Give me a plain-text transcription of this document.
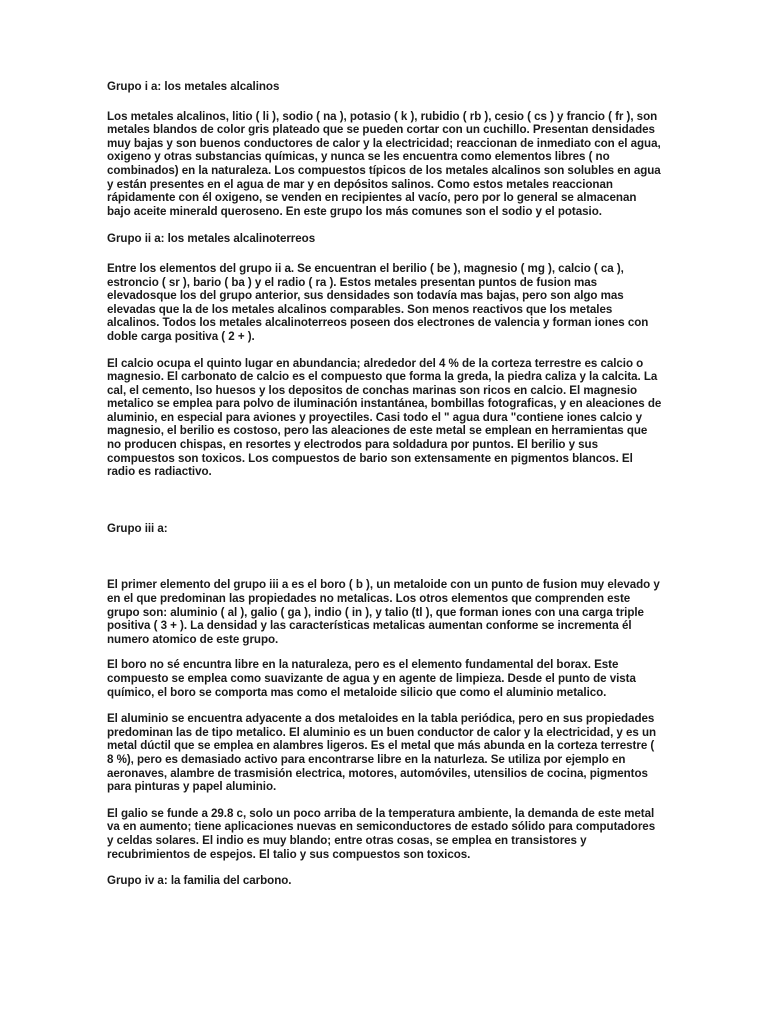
Grupo i a: los metales alcalinos

Los metales alcalinos, litio ( li ), sodio ( na ), potasio ( k ), rubidio ( rb ), cesio ( cs ) y francio ( fr ), son metales blandos de color gris plateado que se pueden cortar con un cuchillo. Presentan densidades muy bajas y son buenos conductores de calor y la electricidad; reaccionan de inmediato con el agua, oxigeno y otras substancias químicas, y nunca se les encuentra como elementos libres ( no combinados) en la naturaleza. Los compuestos típicos de los metales alcalinos son solubles en agua y están presentes en el agua de mar y en depósitos salinos. Como estos metales reaccionan rápidamente con él oxigeno, se venden en recipientes al vacío, pero por lo general se almacenan bajo aceite minerald queroseno. En este grupo los más comunes son el sodio y el potasio.

Grupo ii a: los metales alcalinoterreos

Entre los elementos del grupo ii a. Se encuentran el berilio ( be ), magnesio ( mg ), calcio ( ca ), estroncio ( sr ), bario ( ba ) y el radio ( ra ). Estos metales presentan puntos de fusion mas elevadosque los del grupo anterior, sus densidades son todavía mas bajas, pero son algo mas elevadas que la de los metales alcalinos comparables. Son menos reactivos que los metales alcalinos. Todos los metales alcalinoterreos poseen dos electrones de valencia y forman iones con doble carga positiva ( 2 + ).

El calcio ocupa el quinto lugar en abundancia; alrededor del 4 % de la corteza terrestre es calcio o magnesio. El carbonato de calcio es el compuesto que forma la greda, la piedra caliza y la calcita. La cal, el cemento, lso huesos y los depositos de conchas marinas son ricos en calcio. El magnesio metalico se emplea para polvo de iluminación instantánea, bombillas fotograficas, y en aleaciones de aluminio, en especial para aviones y proyectiles. Casi todo el " agua dura "contiene iones calcio y magnesio, el berilio es costoso, pero las aleaciones de este metal se emplean en herramientas que no producen chispas, en resortes y electrodos para soldadura por puntos. El berilio y sus compuestos son toxicos. Los compuestos de bario son extensamente en pigmentos blancos. El radio es radiactivo.

Grupo iii a:

El primer elemento del grupo iii a es el boro ( b ), un metaloide con un punto de fusion muy elevado y en el que predominan las propiedades no metalicas. Los otros elementos que comprenden este grupo son: aluminio ( al ), galio ( ga ), indio ( in ), y talio (tl ), que forman iones con una carga triple positiva ( 3 + ). La densidad y las características metalicas aumentan conforme se incrementa él numero atomico de este grupo.

El boro no sé encuntra libre en la naturaleza, pero es el elemento fundamental del borax. Este compuesto se emplea como suavizante de agua y en agente de limpieza. Desde el punto de vista químico, el boro se comporta mas como el metaloide silicio que como el aluminio metalico.

El aluminio se encuentra adyacente a dos metaloides en la tabla periódica, pero en sus propiedades predominan las de tipo metalico. El aluminio es un buen conductor de calor y la electricidad, y es un metal dúctil que se emplea en alambres ligeros. Es el metal que más abunda en la corteza terrestre ( 8 %), pero es demasiado activo para encontrarse libre en la naturleza. Se utiliza por ejemplo en aeronaves, alambre de trasmisión electrica, motores, automóviles, utensilios de cocina, pigmentos para pinturas y papel aluminio.

El galio se funde a 29.8 c, solo un poco arriba de la temperatura ambiente, la demanda de este metal va en aumento; tiene aplicaciones nuevas en semiconductores de estado sólido para computadores y celdas solares. El indio es muy blando; entre otras cosas, se emplea en transistores y recubrimientos de espejos. El talio y sus compuestos son toxicos.

Grupo iv a: la familia del carbono.
